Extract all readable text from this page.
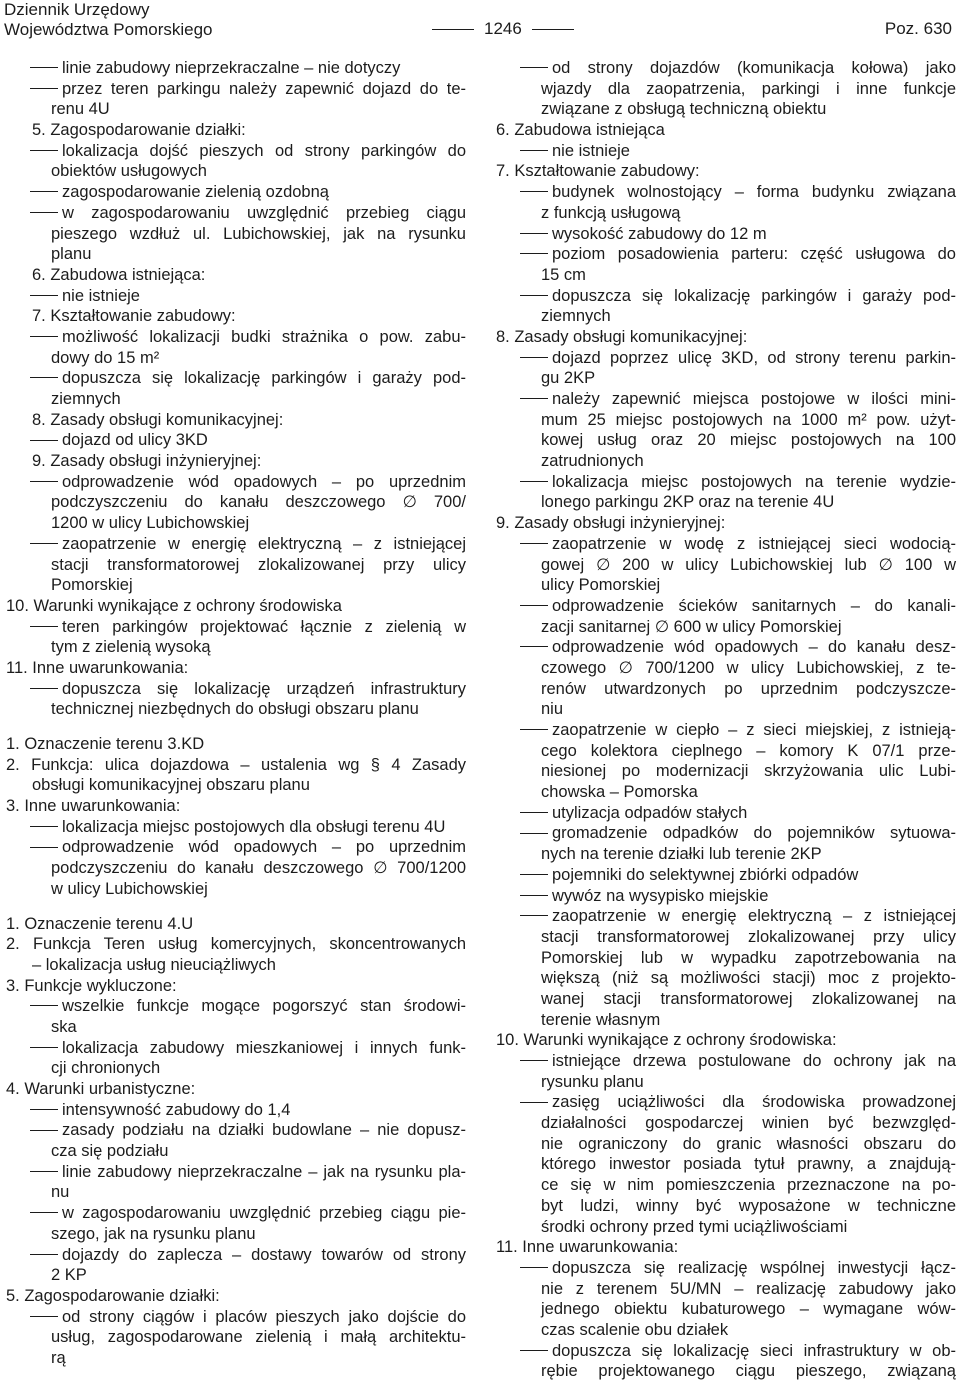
Dziennik Urzędowy
Województwa Pomorskiego	1246	Poz. 630
linie zabudowy nieprzekraczalne – nie dotyczy
przez teren parkingu należy zapewnić dojazd do te-
renu 4U
5. Zagospodarowanie działki:
lokalizacja dojść pieszych od strony parkingów do
obiektów usługowych
zagospodarowanie zielenią ozdobną
w zagospodarowaniu uwzględnić przebieg ciągu
pieszego wzdłuż ul. Lubichowskiej, jak na rysunku
planu
6. Zabudowa istniejąca:
nie istnieje
7. Kształtowanie zabudowy:
możliwość lokalizacji budki strażnika o pow. zabu-
dowy do 15 m²
dopuszcza się lokalizację parkingów i garaży pod-
ziemnych
8. Zasady obsługi komunikacyjnej:
dojazd od ulicy 3KD
9. Zasady obsługi inżynieryjnej:
odprowadzenie wód opadowych – po uprzednim
podczyszczeniu do kanału deszczowego ∅ 700/
1200 w ulicy Lubichowskiej
zaopatrzenie w energię elektryczną – z istniejącej
stacji transformatorowej zlokalizowanej przy ulicy
Pomorskiej
10. Warunki wynikające z ochrony środowiska
teren parkingów projektować łącznie z zielenią w
tym z zielenią wysoką
11. Inne uwarunkowania:
dopuszcza się lokalizację urządzeń infrastruktury
technicznej niezbędnych do obsługi obszaru planu
1. Oznaczenie terenu 3.KD
2. Funkcja: ulica dojazdowa – ustalenia wg § 4 Zasady
obsługi komunikacyjnej obszaru planu
3. Inne uwarunkowania:
lokalizacja miejsc postojowych dla obsługi terenu 4U
odprowadzenie wód opadowych – po uprzednim
podczyszczeniu do kanału deszczowego ∅ 700/1200
w ulicy Lubichowskiej
1. Oznaczenie terenu 4.U
2. Funkcja Teren usług komercyjnych, skoncentrowanych
– lokalizacja usług nieuciążliwych
3. Funkcje wykluczone:
wszelkie funkcje mogące pogorszyć stan środowi-
ska
lokalizacja zabudowy mieszkaniowej i innych funk-
cji chronionych
4. Warunki urbanistyczne:
intensywność zabudowy do 1,4
zasady podziału na działki budowlane – nie dopusz-
cza się podziału
linie zabudowy nieprzekraczalne – jak na rysunku pla-
nu
w zagospodarowaniu uwzględnić przebieg ciągu pie-
szego, jak na rysunku planu
dojazdy do zaplecza – dostawy towarów od strony
2 KP
5. Zagospodarowanie działki:
od strony ciągów i placów pieszych jako dojście do
usług, zagospodarowane zielenią i małą architektu-
rą
od strony dojazdów (komunikacja kołowa) jako
wjazdy dla zaopatrzenia, parkingi i inne funkcje
związane z obsługą techniczną obiektu
6. Zabudowa istniejąca
nie istnieje
7. Kształtowanie zabudowy:
budynek wolnostojący – forma budynku związana
z funkcją usługową
wysokość zabudowy do 12 m
poziom posadowienia parteru: część usługowa do
15 cm
dopuszcza się lokalizację parkingów i garaży pod-
ziemnych
8. Zasady obsługi komunikacyjnej:
dojazd poprzez ulicę 3KD, od strony terenu parkin-
gu 2KP
należy zapewnić miejsca postojowe w ilości mini-
mum 25 miejsc postojowych na 1000 m² pow. użyt-
kowej usług oraz 20 miejsc postojowych na 100
zatrudnionych
lokalizacja miejsc postojowych na terenie wydzie-
lonego parkingu 2KP oraz na terenie 4U
9. Zasady obsługi inżynieryjnej:
zaopatrzenie w wodę z istniejącej sieci wodocią-
gowej ∅ 200 w ulicy Lubichowskiej lub ∅ 100 w
ulicy Pomorskiej
odprowadzenie ścieków sanitarnych – do kanali-
zacji sanitarnej ∅ 600 w ulicy Pomorskiej
odprowadzenie wód opadowych – do kanału desz-
czowego ∅ 700/1200 w ulicy Lubichowskiej, z te-
renów utwardzonych po uprzednim podczyszcze-
niu
zaopatrzenie w ciepło – z sieci miejskiej, z istnieją-
cego kolektora cieplnego – komory K 07/1 prze-
niesionej po modernizacji skrzyżowania ulic Lubi-
chowska – Pomorska
utylizacja odpadów stałych
gromadzenie odpadków do pojemników sytuowa-
nych na terenie działki lub terenie 2KP
pojemniki do selektywnej zbiórki odpadów
wywóz na wysypisko miejskie
zaopatrzenie w energię elektryczną – z istniejącej
stacji transformatorowej zlokalizowanej przy ulicy
Pomorskiej lub w wypadku zapotrzebowania na
większą (niż są możliwości stacji) moc z projekto-
wanej stacji transformatorowej zlokalizowanej na
terenie własnym
10. Warunki wynikające z ochrony środowiska:
istniejące drzewa postulowane do ochrony jak na
rysunku planu
zasięg uciążliwości dla środowiska prowadzonej
działalności gospodarczej winien być bezwzględ-
nie ograniczony do granic własności obszaru do
którego inwestor posiada tytuł prawny, a znajdują-
ce się w nim pomieszczenia przeznaczone na po-
byt ludzi, winny być wyposażone w techniczne
środki ochrony przed tymi uciążliwościami
11. Inne uwarunkowania:
dopuszcza się realizację wspólnej inwestycji łącz-
nie z terenem 5U/MN – realizację zabudowy jako
jednego obiektu kubaturowego – wymagane wów-
czas scalenie obu działek
dopuszcza się lokalizację sieci infrastruktury w ob-
rębie projektowanego ciągu pieszego, związaną
